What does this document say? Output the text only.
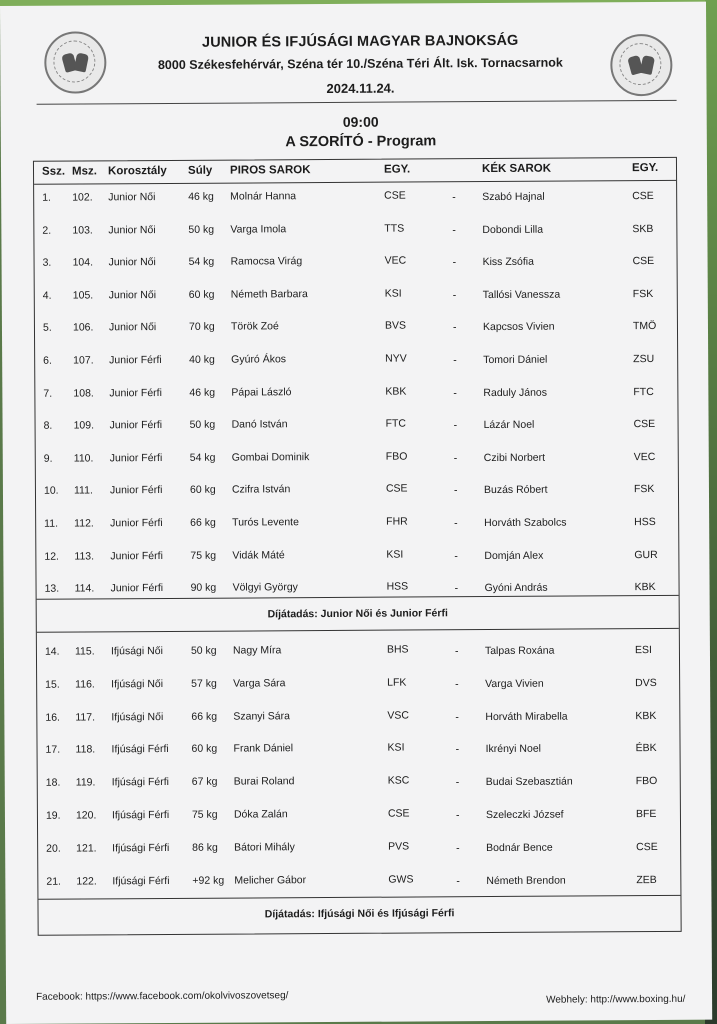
JUNIOR ÉS IFJÚSÁGI MAGYAR BAJNOKSÁG
8000 Székesfehérvár, Széna tér 10./Széna Téri Ált. Isk. Tornacsarnok
2024.11.24.
09:00
A SZORÍTÓ - Program
Ssz. Msz. Korosztály Súly PIROS SAROK	EGY.	KÉK SAROK	EGY.
1. 102. Junior Női	46 kg Molnár Hanna	CSE	-	Szabó Hajnal	CSE
2. 103. Junior Női	50 kg Varga Imola	TTS	-	Dobondi Lilla	SKB
3. 104. Junior Női	54 kg Ramocsa Virág	VEC	-	Kiss Zsófia	CSE
4. 105. Junior Női	60 kg Németh Barbara	KSI	-	Tallósi Vanessza	FSK
5. 106. Junior Női	70 kg Török Zoé	BVS	-	Kapcsos Vivien	TMÖ
6. 107. Junior Férfi	40 kg Gyúró Ákos	NYV	-	Tomori Dániel	ZSU
7. 108. Junior Férfi	46 kg Pápai László	KBK	-	Raduly János	FTC
8. 109. Junior Férfi	50 kg Danó István	FTC	-	Lázár Noel	CSE
9. 110. Junior Férfi	54 kg Gombai Dominik	FBO	-	Czibi Norbert	VEC
10. 111. Junior Férfi	60 kg Czifra István	CSE	-	Buzás Róbert	FSK
11. 112. Junior Férfi	66 kg Turós Levente	FHR	-	Horváth Szabolcs	HSS
12. 113. Junior Férfi	75 kg Vidák Máté	KSI	-	Domján Alex	GUR
13. 114. Junior Férfi	90 kg Völgyi György	HSS	-	Gyóni András	KBK
Díjátadás: Junior Női és Junior Férfi
14. 115. Ifjúsági Női	50 kg Nagy Míra	BHS	-	Talpas Roxána	ESI
15. 116. Ifjúsági Női	57 kg Varga Sára	LFK	-	Varga Vivien	DVS
16. 117. Ifjúsági Női	66 kg Szanyi Sára	VSC	-	Horváth Mirabella	KBK
17. 118. Ifjúsági Férfi 60 kg Frank Dániel	KSI	-	Ikrényi Noel	ÉBK
18. 119. Ifjúsági Férfi 67 kg Burai Roland	KSC	-	Budai Szebasztián	FBO
19. 120. Ifjúsági Férfi 75 kg Dóka Zalán	CSE	-	Szeleczki József	BFE
20. 121. Ifjúsági Férfi 86 kg Bátori Mihály	PVS	-	Bodnár Bence	CSE
21. 122. Ifjúsági Férfi +92 kg Melicher Gábor	GWS	-	Németh Brendon	ZEB
Díjátadás: Ifjúsági Női és Ifjúsági Férfi
Facebook: https://www.facebook.com/okolvivoszovetseg/	Webhely: http://www.boxing.hu/
